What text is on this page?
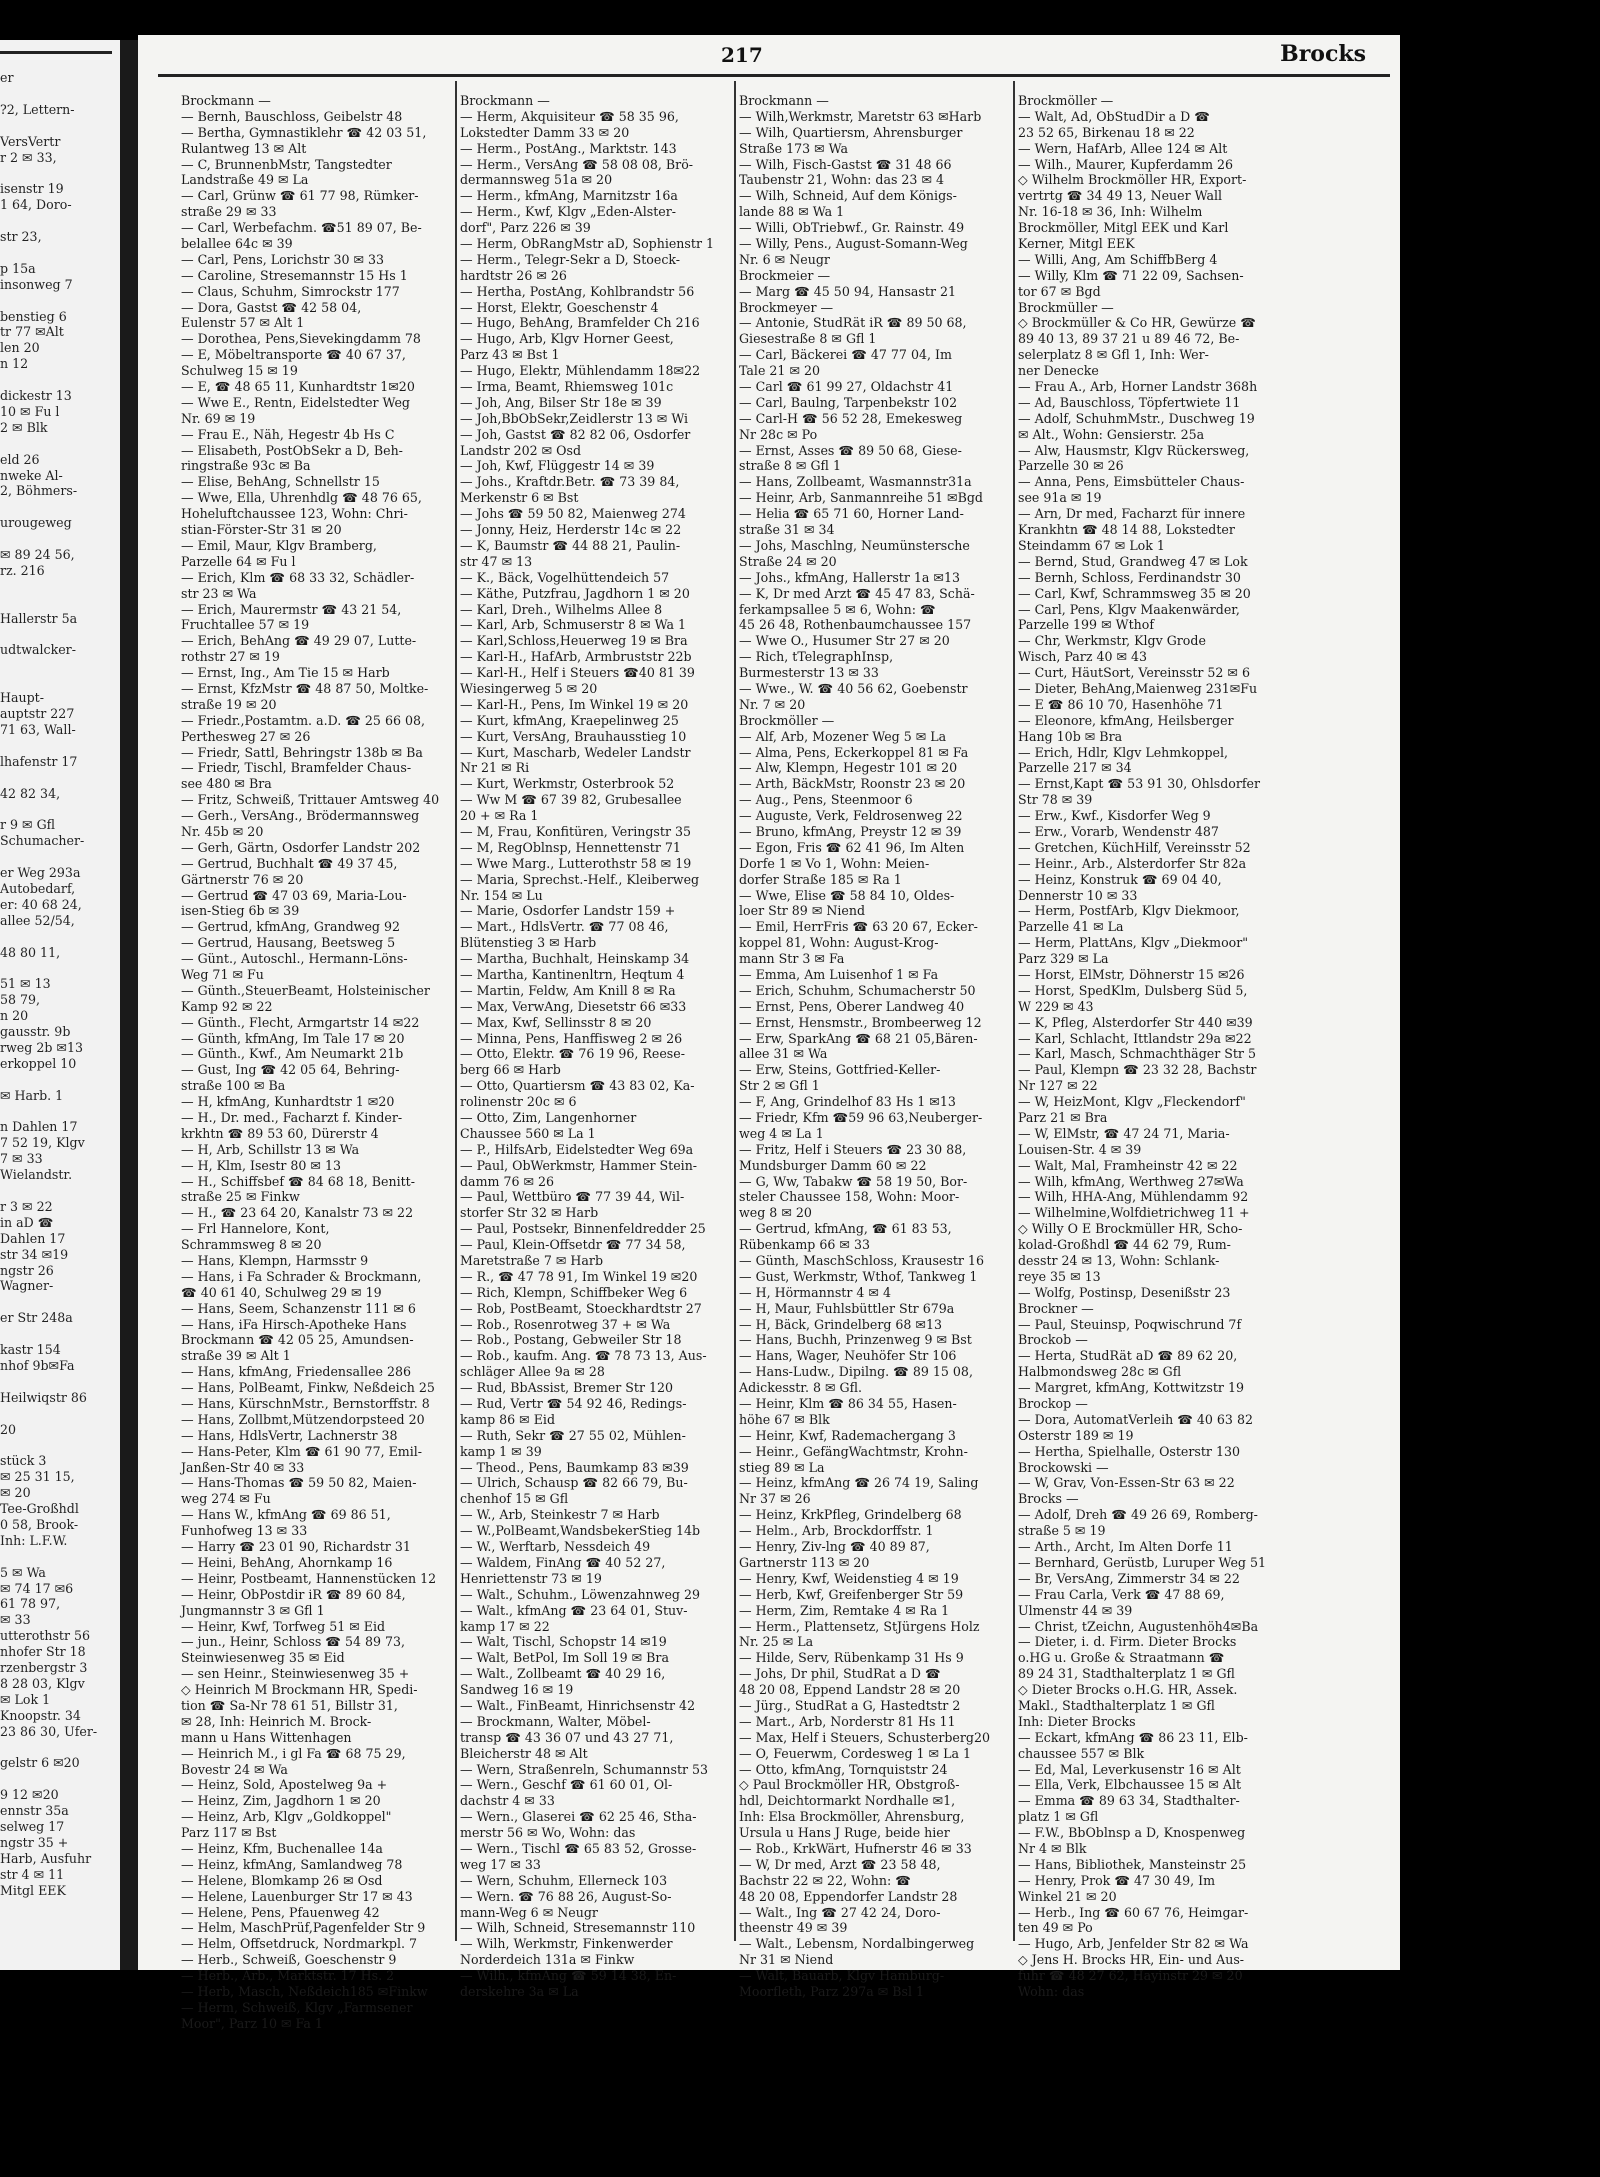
er
?2, Lettern-
VersVertr
r 2 ✉ 33,
isenstr 19
1 64, Doro-
str 23,
p 15a
insonweg 7
benstieg 6
tr 77 ✉Alt
len 20
n 12
dickestr 13
10 ✉ Fu l
2 ✉ Blk
eld 26
nweke Al-
2, Böhmers-
urougeweg
✉ 89 24 56,
rz. 216
Hallerstr 5a
udtwalcker-
Haupt-
auptstr 227
71 63, Wall-
lhafenstr 17
42 82 34,
r 9 ✉ Gfl
Schumacher-
er Weg 293a
Autobedarf,
er: 40 68 24,
allee 52/54,
48 80 11,
51 ✉ 13
58 79,
n 20
gausstr. 9b
rweg 2b ✉13
erkoppel 10
✉ Harb. 1
n Dahlen 17
7 52 19, Klgv
7 ✉ 33
Wielandstr.
r 3 ✉ 22
in aD ☎
Dahlen 17
str 34 ✉19
ngstr 26
Wagner-
er Str 248a
kastr 154
nhof 9b✉Fa
Heilwiqstr 86
20
stück 3
✉ 25 31 15,
✉ 20
Tee-Großhdl
0 58, Brook-
Inh: L.F.W.
5 ✉ Wa
✉ 74 17 ✉6
61 78 97,
✉ 33
utterothstr 56
nhofer Str 18
rzenbergstr 3
8 28 03, Klgv
✉ Lok 1
Knoopstr. 34
23 86 30, Ufer-
gelstr 6 ✉20
9 12 ✉20
ennstr 35a
selweg 17
ngstr 35 +
Harb, Ausfuhr
str 4 ✉ 11
Mitgl EEK
217	Brocks
Brockmann —
— Bernh, Bauschloss, Geibelstr 48
— Bertha, Gymnastiklehr ☎ 42 03 51,
Rulantweg 13 ✉ Alt
— C, BrunnenbMstr, Tangstedter
Landstraße 49 ✉ La
— Carl, Grünw ☎ 61 77 98, Rümker-
straße 29 ✉ 33
— Carl, Werbefachm. ☎51 89 07, Be-
belallee 64c ✉ 39
— Carl, Pens, Lorichstr 30 ✉ 33
— Caroline, Stresemannstr 15 Hs 1
— Claus, Schuhm, Simrockstr 177
— Dora, Gastst ☎ 42 58 04,
Eulenstr 57 ✉ Alt 1
— Dorothea, Pens,Sievekingdamm 78
— E, Möbeltransporte ☎ 40 67 37,
Schulweg 15 ✉ 19
— E, ☎ 48 65 11, Kunhardtstr 1✉20
— Wwe E., Rentn, Eidelstedter Weg
Nr. 69 ✉ 19
— Frau E., Näh, Hegestr 4b Hs C
— Elisabeth, PostObSekr a D, Beh-
ringstraße 93c ✉ Ba
— Elise, BehAng, Schnellstr 15
— Wwe, Ella, Uhrenhdlg ☎ 48 76 65,
Hoheluftchaussee 123, Wohn: Chri-
stian-Förster-Str 31 ✉ 20
— Emil, Maur, Klgv Bramberg,
Parzelle 64 ✉ Fu l
— Erich, Klm ☎ 68 33 32, Schädler-
str 23 ✉ Wa
— Erich, Maurermstr ☎ 43 21 54,
Fruchtallee 57 ✉ 19
— Erich, BehAng ☎ 49 29 07, Lutte-
rothstr 27 ✉ 19
— Ernst, Ing., Am Tie 15 ✉ Harb
— Ernst, KfzMstr ☎ 48 87 50, Moltke-
straße 19 ✉ 20
— Friedr.,Postamtm. a.D. ☎ 25 66 08,
Perthesweg 27 ✉ 26
— Friedr, Sattl, Behringstr 138b ✉ Ba
— Friedr, Tischl, Bramfelder Chaus-
see 480 ✉ Bra
— Fritz, Schweiß, Trittauer Amtsweg 40
— Gerh., VersAng., Brödermannsweg
Nr. 45b ✉ 20
— Gerh, Gärtn, Osdorfer Landstr 202
— Gertrud, Buchhalt ☎ 49 37 45,
Gärtnerstr 76 ✉ 20
— Gertrud ☎ 47 03 69, Maria-Lou-
isen-Stieg 6b ✉ 39
— Gertrud, kfmAng, Grandweg 92
— Gertrud, Hausang, Beetsweg 5
— Günt., Autoschl., Hermann-Löns-
Weg 71 ✉ Fu
— Günth.,SteuerBeamt, Holsteinischer
Kamp 92 ✉ 22
— Günth., Flecht, Armgartstr 14 ✉22
— Günth, kfmAng, Im Tale 17 ✉ 20
— Günth., Kwf., Am Neumarkt 21b
— Gust, Ing ☎ 42 05 64, Behring-
straße 100 ✉ Ba
— H, kfmAng, Kunhardtstr 1 ✉20
— H., Dr. med., Facharzt f. Kinder-
krkhtn ☎ 89 53 60, Dürerstr 4
— H, Arb, Schillstr 13 ✉ Wa
— H, Klm, Isestr 80 ✉ 13
— H., Schiffsbef ☎ 84 68 18, Benitt-
straße 25 ✉ Finkw
— H., ☎ 23 64 20, Kanalstr 73 ✉ 22
— Frl Hannelore, Kont,
Schrammsweg 8 ✉ 20
— Hans, Klempn, Harmsstr 9
— Hans, i Fa Schrader & Brockmann,
☎ 40 61 40, Schulweg 29 ✉ 19
— Hans, Seem, Schanzenstr 111 ✉ 6
— Hans, iFa Hirsch-Apotheke Hans
Brockmann ☎ 42 05 25, Amundsen-
straße 39 ✉ Alt 1
— Hans, kfmAng, Friedensallee 286
— Hans, PolBeamt, Finkw, Neßdeich 25
— Hans, KürschnMstr., Bernstorffstr. 8
— Hans, Zollbmt,Mützendorpsteed 20
— Hans, HdlsVertr, Lachnerstr 38
— Hans-Peter, Klm ☎ 61 90 77, Emil-
Janßen-Str 40 ✉ 33
— Hans-Thomas ☎ 59 50 82, Maien-
weg 274 ✉ Fu
— Hans W., kfmAng ☎ 69 86 51,
Funhofweg 13 ✉ 33
— Harry ☎ 23 01 90, Richardstr 31
— Heini, BehAng, Ahornkamp 16
— Heinr, Postbeamt, Hannenstücken 12
— Heinr, ObPostdir iR ☎ 89 60 84,
Jungmannstr 3 ✉ Gfl 1
— Heinr, Kwf, Torfweg 51 ✉ Eid
— jun., Heinr, Schloss ☎ 54 89 73,
Steinwiesenweg 35 ✉ Eid
— sen Heinr., Steinwiesenweg 35 +
◇ Heinrich M Brockmann HR, Spedi-
tion ☎ Sa-Nr 78 61 51, Billstr 31,
✉ 28, Inh: Heinrich M. Brock-
mann u Hans Wittenhagen
— Heinrich M., i gl Fa ☎ 68 75 29,
Bovestr 24 ✉ Wa
— Heinz, Sold, Apostelweg 9a +
— Heinz, Zim, Jagdhorn 1 ✉ 20
— Heinz, Arb, Klgv „Goldkoppel"
Parz 117 ✉ Bst
— Heinz, Kfm, Buchenallee 14a
— Heinz, kfmAng, Samlandweg 78
— Helene, Blomkamp 26 ✉ Osd
— Helene, Lauenburger Str 17 ✉ 43
— Helene, Pens, Pfauenweg 42
— Helm, MaschPrüf,Pagenfelder Str 9
— Helm, Offsetdruck, Nordmarkpl. 7
— Herb., Schweiß, Goeschenstr 9
— Herb., Arb., Marktstr. 17 Hs. 2
— Herb, Masch, Neßdeich185 ✉Finkw
— Herm, Schweiß, Klgv „Farmsener
Moor", Parz 10 ✉ Fa 1
Brockmann —
— Herm, Akquisiteur ☎ 58 35 96,
Lokstedter Damm 33 ✉ 20
— Herm., PostAng., Marktstr. 143
— Herm., VersAng ☎ 58 08 08, Brö-
dermannsweg 51a ✉ 20
— Herm., kfmAng, Marnitzstr 16a
— Herm., Kwf, Klgv „Eden-Alster-
dorf", Parz 226 ✉ 39
— Herm, ObRangMstr aD, Sophienstr 1
— Herm., Telegr-Sekr a D, Stoeck-
hardtstr 26 ✉ 26
— Hertha, PostAng, Kohlbrandstr 56
— Horst, Elektr, Goeschenstr 4
— Hugo, BehAng, Bramfelder Ch 216
— Hugo, Arb, Klgv Horner Geest,
Parz 43 ✉ Bst 1
— Hugo, Elektr, Mühlendamm 18✉22
— Irma, Beamt, Rhiemsweg 101c
— Joh, Ang, Bilser Str 18e ✉ 39
— Joh,BbObSekr,Zeidlerstr 13 ✉ Wi
— Joh, Gastst ☎ 82 82 06, Osdorfer
Landstr 202 ✉ Osd
— Joh, Kwf, Flüggestr 14 ✉ 39
— Johs., Kraftdr.Betr. ☎ 73 39 84,
Merkenstr 6 ✉ Bst
— Johs ☎ 59 50 82, Maienweg 274
— Jonny, Heiz, Herderstr 14c ✉ 22
— K, Baumstr ☎ 44 88 21, Paulin-
str 47 ✉ 13
— K., Bäck, Vogelhüttendeich 57
— Käthe, Putzfrau, Jagdhorn 1 ✉ 20
— Karl, Dreh., Wilhelms Allee 8
— Karl, Arb, Schmuserstr 8 ✉ Wa 1
— Karl,Schloss,Heuerweg 19 ✉ Bra
— Karl-H., HafArb, Armbruststr 22b
— Karl-H., Helf i Steuers ☎40 81 39
Wiesingerweg 5 ✉ 20
— Karl-H., Pens, Im Winkel 19 ✉ 20
— Kurt, kfmAng, Kraepelinweg 25
— Kurt, VersAng, Brauhausstieg 10
— Kurt, Mascharb, Wedeler Landstr
Nr 21 ✉ Ri
— Kurt, Werkmstr, Osterbrook 52
— Ww M ☎ 67 39 82, Grubesallee
20 + ✉ Ra 1
— M, Frau, Konfitüren, Veringstr 35
— M, RegOblnsp, Hennettenstr 71
— Wwe Marg., Lutterothstr 58 ✉ 19
— Maria, Sprechst.-Helf., Kleiberweg
Nr. 154 ✉ Lu
— Marie, Osdorfer Landstr 159 +
— Mart., HdlsVertr. ☎ 77 08 46,
Blütenstieg 3 ✉ Harb
— Martha, Buchhalt, Heinskamp 34
— Martha, Kantinenltrn, Heqtum 4
— Martin, Feldw, Am Knill 8 ✉ Ra
— Max, VerwAng, Diesetstr 66 ✉33
— Max, Kwf, Sellinsstr 8 ✉ 20
— Minna, Pens, Hanffisweg 2 ✉ 26
— Otto, Elektr. ☎ 76 19 96, Reese-
berg 66 ✉ Harb
— Otto, Quartiersm ☎ 43 83 02, Ka-
rolinenstr 20c ✉ 6
— Otto, Zim, Langenhorner
Chaussee 560 ✉ La 1
— P., HilfsArb, Eidelstedter Weg 69a
— Paul, ObWerkmstr, Hammer Stein-
damm 76 ✉ 26
— Paul, Wettbüro ☎ 77 39 44, Wil-
storfer Str 32 ✉ Harb
— Paul, Postsekr, Binnenfeldredder 25
— Paul, Klein-Offsetdr ☎ 77 34 58,
Maretstraße 7 ✉ Harb
— R., ☎ 47 78 91, Im Winkel 19 ✉20
— Rich, Klempn, Schiffbeker Weg 6
— Rob, PostBeamt, Stoeckhardtstr 27
— Rob., Rosenrotweg 37 + ✉ Wa
— Rob., Postang, Gebweiler Str 18
— Rob., kaufm. Ang. ☎ 78 73 13, Aus-
schläger Allee 9a ✉ 28
— Rud, BbAssist, Bremer Str 120
— Rud, Vertr ☎ 54 92 46, Redings-
kamp 86 ✉ Eid
— Ruth, Sekr ☎ 27 55 02, Mühlen-
kamp 1 ✉ 39
— Theod., Pens, Baumkamp 83 ✉39
— Ulrich, Schausp ☎ 82 66 79, Bu-
chenhof 15 ✉ Gfl
— W., Arb, Steinkestr 7 ✉ Harb
— W.,PolBeamt,WandsbekerStieg 14b
— W., Werftarb, Nessdeich 49
— Waldem, FinAng ☎ 40 52 27,
Henriettenstr 73 ✉ 19
— Walt., Schuhm., Löwenzahnweg 29
— Walt., kfmAng ☎ 23 64 01, Stuv-
kamp 17 ✉ 22
— Walt, Tischl, Schopstr 14 ✉19
— Walt, BetPol, Im Soll 19 ✉ Bra
— Walt., Zollbeamt ☎ 40 29 16,
Sandweg 16 ✉ 19
— Walt., FinBeamt, Hinrichsenstr 42
— Brockmann, Walter, Möbel-
transp ☎ 43 36 07 und 43 27 71,
Bleicherstr 48 ✉ Alt
— Wern, Straßenreln, Schumannstr 53
— Wern., Geschf ☎ 61 60 01, Ol-
dachstr 4 ✉ 33
— Wern., Glaserei ☎ 62 25 46, Stha-
merstr 56 ✉ Wo, Wohn: das
— Wern., Tischl ☎ 65 83 52, Grosse-
weg 17 ✉ 33
— Wern, Schuhm, Ellerneck 103
— Wern. ☎ 76 88 26, August-So-
mann-Weg 6 ✉ Neugr
— Wilh, Schneid, Stresemannstr 110
— Wilh, Werkmstr, Finkenwerder
Norderdeich 131a ✉ Finkw
— Wilh., kfmAng ☎ 59 14 38, En-
derskehre 3a ✉ La
Brockmann —
— Wilh,Werkmstr, Maretstr 63 ✉Harb
— Wilh, Quartiersm, Ahrensburger
Straße 173 ✉ Wa
— Wilh, Fisch-Gastst ☎ 31 48 66
Taubenstr 21, Wohn: das 23 ✉ 4
— Wilh, Schneid, Auf dem Königs-
lande 88 ✉ Wa 1
— Willi, ObTriebwf., Gr. Rainstr. 49
— Willy, Pens., August-Somann-Weg
Nr. 6 ✉ Neugr
Brockmeier —
— Marg ☎ 45 50 94, Hansastr 21
Brockmeyer —
— Antonie, StudRät iR ☎ 89 50 68,
Giesestraße 8 ✉ Gfl 1
— Carl, Bäckerei ☎ 47 77 04, Im
Tale 21 ✉ 20
— Carl ☎ 61 99 27, Oldachstr 41
— Carl, Baulng, Tarpenbekstr 102
— Carl-H ☎ 56 52 28, Emekesweg
Nr 28c ✉ Po
— Ernst, Asses ☎ 89 50 68, Giese-
straße 8 ✉ Gfl 1
— Hans, Zollbeamt, Wasmannstr31a
— Heinr, Arb, Sanmannreihe 51 ✉Bgd
— Helia ☎ 65 71 60, Horner Land-
straße 31 ✉ 34
— Johs, Maschlng, Neumünstersche
Straße 24 ✉ 20
— Johs., kfmAng, Hallerstr 1a ✉13
— K, Dr med Arzt ☎ 45 47 83, Schä-
ferkampsallee 5 ✉ 6, Wohn: ☎
45 26 48, Rothenbaumchaussee 157
— Wwe O., Husumer Str 27 ✉ 20
— Rich, tTelegraphInsp,
Burmesterstr 13 ✉ 33
— Wwe., W. ☎ 40 56 62, Goebenstr
Nr. 7 ✉ 20
Brockmöller —
— Alf, Arb, Mozener Weg 5 ✉ La
— Alma, Pens, Eckerkoppel 81 ✉ Fa
— Alw, Klempn, Hegestr 101 ✉ 20
— Arth, BäckMstr, Roonstr 23 ✉ 20
— Aug., Pens, Steenmoor 6
— Auguste, Verk, Feldrosenweg 22
— Bruno, kfmAng, Preystr 12 ✉ 39
— Egon, Fris ☎ 62 41 96, Im Alten
Dorfe 1 ✉ Vo 1, Wohn: Meien-
dorfer Straße 185 ✉ Ra 1
— Wwe, Elise ☎ 58 84 10, Oldes-
loer Str 89 ✉ Niend
— Emil, HerrFris ☎ 63 20 67, Ecker-
koppel 81, Wohn: August-Krog-
mann Str 3 ✉ Fa
— Emma, Am Luisenhof 1 ✉ Fa
— Erich, Schuhm, Schumacherstr 50
— Ernst, Pens, Oberer Landweg 40
— Ernst, Hensmstr., Brombeerweg 12
— Erw, SparkAng ☎ 68 21 05,Bären-
allee 31 ✉ Wa
— Erw, Steins, Gottfried-Keller-
Str 2 ✉ Gfl 1
— F, Ang, Grindelhof 83 Hs 1 ✉13
— Friedr, Kfm ☎59 96 63,Neuberger-
weg 4 ✉ La 1
— Fritz, Helf i Steuers ☎ 23 30 88,
Mundsburger Damm 60 ✉ 22
— G, Ww, Tabakw ☎ 58 19 50, Bor-
steler Chaussee 158, Wohn: Moor-
weg 8 ✉ 20
— Gertrud, kfmAng, ☎ 61 83 53,
Rübenkamp 66 ✉ 33
— Günth, MaschSchloss, Krausestr 16
— Gust, Werkmstr, Wthof, Tankweg 1
— H, Hörmannstr 4 ✉ 4
— H, Maur, Fuhlsbüttler Str 679a
— H, Bäck, Grindelberg 68 ✉13
— Hans, Buchh, Prinzenweg 9 ✉ Bst
— Hans, Wager, Neuhöfer Str 106
— Hans-Ludw., Dipilng. ☎ 89 15 08,
Adickesstr. 8 ✉ Gfl.
— Heinr, Klm ☎ 86 34 55, Hasen-
höhe 67 ✉ Blk
— Heinr, Kwf, Rademachergang 3
— Heinr., GefängWachtmstr, Krohn-
stieg 89 ✉ La
— Heinz, kfmAng ☎ 26 74 19, Saling
Nr 37 ✉ 26
— Heinz, KrkPfleg, Grindelberg 68
— Helm., Arb, Brockdorffstr. 1
— Henry, Ziv-lng ☎ 40 89 87,
Gartnerstr 113 ✉ 20
— Henry, Kwf, Weidenstieg 4 ✉ 19
— Herb, Kwf, Greifenberger Str 59
— Herm, Zim, Remtake 4 ✉ Ra 1
— Herm., Plattensetz, StJürgens Holz
Nr. 25 ✉ La
— Hilde, Serv, Rübenkamp 31 Hs 9
— Johs, Dr phil, StudRat a D ☎
48 20 08, Eppend Landstr 28 ✉ 20
— Jürg., StudRat a G, Hastedtstr 2
— Mart., Arb, Norderstr 81 Hs 11
— Max, Helf i Steuers, Schusterberg20
— O, Feuerwm, Cordesweg 1 ✉ La 1
— Otto, kfmAng, Tornquiststr 24
◇ Paul Brockmöller HR, Obstgroß-
hdl, Deichtormarkt Nordhalle ✉1,
Inh: Elsa Brockmöller, Ahrensburg,
Ursula u Hans J Ruge, beide hier
— Rob., KrkWärt, Hufnerstr 46 ✉ 33
— W, Dr med, Arzt ☎ 23 58 48,
Bachstr 22 ✉ 22, Wohn: ☎
48 20 08, Eppendorfer Landstr 28
— Walt., Ing ☎ 27 42 24, Doro-
theenstr 49 ✉ 39
— Walt., Lebensm, Nordalbingerweg
Nr 31 ✉ Niend
— Walt, Bauarb, Klgv Hamburg-
Moorfleth, Parz 297a ✉ Bsl 1
Brockmöller —
— Walt, Ad, ObStudDir a D ☎
23 52 65, Birkenau 18 ✉ 22
— Wern, HafArb, Allee 124 ✉ Alt
— Wilh., Maurer, Kupferdamm 26
◇ Wilhelm Brockmöller HR, Export-
vertrtg ☎ 34 49 13, Neuer Wall
Nr. 16-18 ✉ 36, Inh: Wilhelm
Brockmöller, Mitgl EEK und Karl
Kerner, Mitgl EEK
— Willi, Ang, Am SchiffbBerg 4
— Willy, Klm ☎ 71 22 09, Sachsen-
tor 67 ✉ Bgd
Brockmüller —
◇ Brockmüller & Co HR, Gewürze ☎
89 40 13, 89 37 21 u 89 46 72, Be-
selerplatz 8 ✉ Gfl 1, Inh: Wer-
ner Denecke
— Frau A., Arb, Horner Landstr 368h
— Ad, Bauschloss, Töpfertwiete 11
— Adolf, SchuhmMstr., Duschweg 19
✉ Alt., Wohn: Gensierstr. 25a
— Alw, Hausmstr, Klgv Rückersweg,
Parzelle 30 ✉ 26
— Anna, Pens, Eimsbütteler Chaus-
see 91a ✉ 19
— Arn, Dr med, Facharzt für innere
Krankhtn ☎ 48 14 88, Lokstedter
Steindamm 67 ✉ Lok 1
— Bernd, Stud, Grandweg 47 ✉ Lok
— Bernh, Schloss, Ferdinandstr 30
— Carl, Kwf, Schrammsweg 35 ✉ 20
— Carl, Pens, Klgv Maakenwärder,
Parzelle 199 ✉ Wthof
— Chr, Werkmstr, Klgv Grode
Wisch, Parz 40 ✉ 43
— Curt, HäutSort, Vereinsstr 52 ✉ 6
— Dieter, BehAng,Maienweg 231✉Fu
— E ☎ 86 10 70, Hasenhöhe 71
— Eleonore, kfmAng, Heilsberger
Hang 10b ✉ Bra
— Erich, Hdlr, Klgv Lehmkoppel,
Parzelle 217 ✉ 34
— Ernst,Kapt ☎ 53 91 30, Ohlsdorfer
Str 78 ✉ 39
— Erw., Kwf., Kisdorfer Weg 9
— Erw., Vorarb, Wendenstr 487
— Gretchen, KüchHilf, Vereinsstr 52
— Heinr., Arb., Alsterdorfer Str 82a
— Heinz, Konstruk ☎ 69 04 40,
Dennerstr 10 ✉ 33
— Herm, PostfArb, Klgv Diekmoor,
Parzelle 41 ✉ La
— Herm, PlattAns, Klgv „Diekmoor"
Parz 329 ✉ La
— Horst, ElMstr, Döhnerstr 15 ✉26
— Horst, SpedKlm, Dulsberg Süd 5,
W 229 ✉ 43
— K, Pfleg, Alsterdorfer Str 440 ✉39
— Karl, Schlacht, Ittlandstr 29a ✉22
— Karl, Masch, Schmachthäger Str 5
— Paul, Klempn ☎ 23 32 28, Bachstr
Nr 127 ✉ 22
— W, HeizMont, Klgv „Fleckendorf"
Parz 21 ✉ Bra
— W, ElMstr, ☎ 47 24 71, Maria-
Louisen-Str. 4 ✉ 39
— Walt, Mal, Framheinstr 42 ✉ 22
— Wilh, kfmAng, Werthweg 27✉Wa
— Wilh, HHA-Ang, Mühlendamm 92
— Wilhelmine,Wolfdietrichweg 11 +
◇ Willy O E Brockmüller HR, Scho-
kolad-Großhdl ☎ 44 62 79, Rum-
desstr 24 ✉ 13, Wohn: Schlank-
reye 35 ✉ 13
— Wolfg, Postinsp, Desenißstr 23
Brockner —
— Paul, Steuinsp, Poqwischrund 7f
Brockob —
— Herta, StudRät aD ☎ 89 62 20,
Halbmondsweg 28c ✉ Gfl
— Margret, kfmAng, Kottwitzstr 19
Brockop —
— Dora, AutomatVerleih ☎ 40 63 82
Osterstr 189 ✉ 19
— Hertha, Spielhalle, Osterstr 130
Brockowski —
— W, Grav, Von-Essen-Str 63 ✉ 22
Brocks —
— Adolf, Dreh ☎ 49 26 69, Romberg-
straße 5 ✉ 19
— Arth., Archt, Im Alten Dorfe 11
— Bernhard, Gerüstb, Luruper Weg 51
— Br, VersAng, Zimmerstr 34 ✉ 22
— Frau Carla, Verk ☎ 47 88 69,
Ulmenstr 44 ✉ 39
— Christ, tZeichn, Augustenhöh4✉Ba
— Dieter, i. d. Firm. Dieter Brocks
o.HG u. Große & Straatmann ☎
89 24 31, Stadthalterplatz 1 ✉ Gfl
◇ Dieter Brocks o.H.G. HR, Assek.
Makl., Stadthalterplatz 1 ✉ Gfl
Inh: Dieter Brocks
— Eckart, kfmAng ☎ 86 23 11, Elb-
chaussee 557 ✉ Blk
— Ed, Mal, Leverkusenstr 16 ✉ Alt
— Ella, Verk, Elbchaussee 15 ✉ Alt
— Emma ☎ 89 63 34, Stadthalter-
platz 1 ✉ Gfl
— F.W., BbOblnsp a D, Knospenweg
Nr 4 ✉ Blk
— Hans, Bibliothek, Mansteinstr 25
— Henry, Prok ☎ 47 30 49, Im
Winkel 21 ✉ 20
— Herb., Ing ☎ 60 67 76, Heimgar-
ten 49 ✉ Po
— Hugo, Arb, Jenfelder Str 82 ✉ Wa
◇ Jens H. Brocks HR, Ein- und Aus-
fuhr ☎ 48 27 62, Hayinstr 29 ✉ 20
Wohn: das
